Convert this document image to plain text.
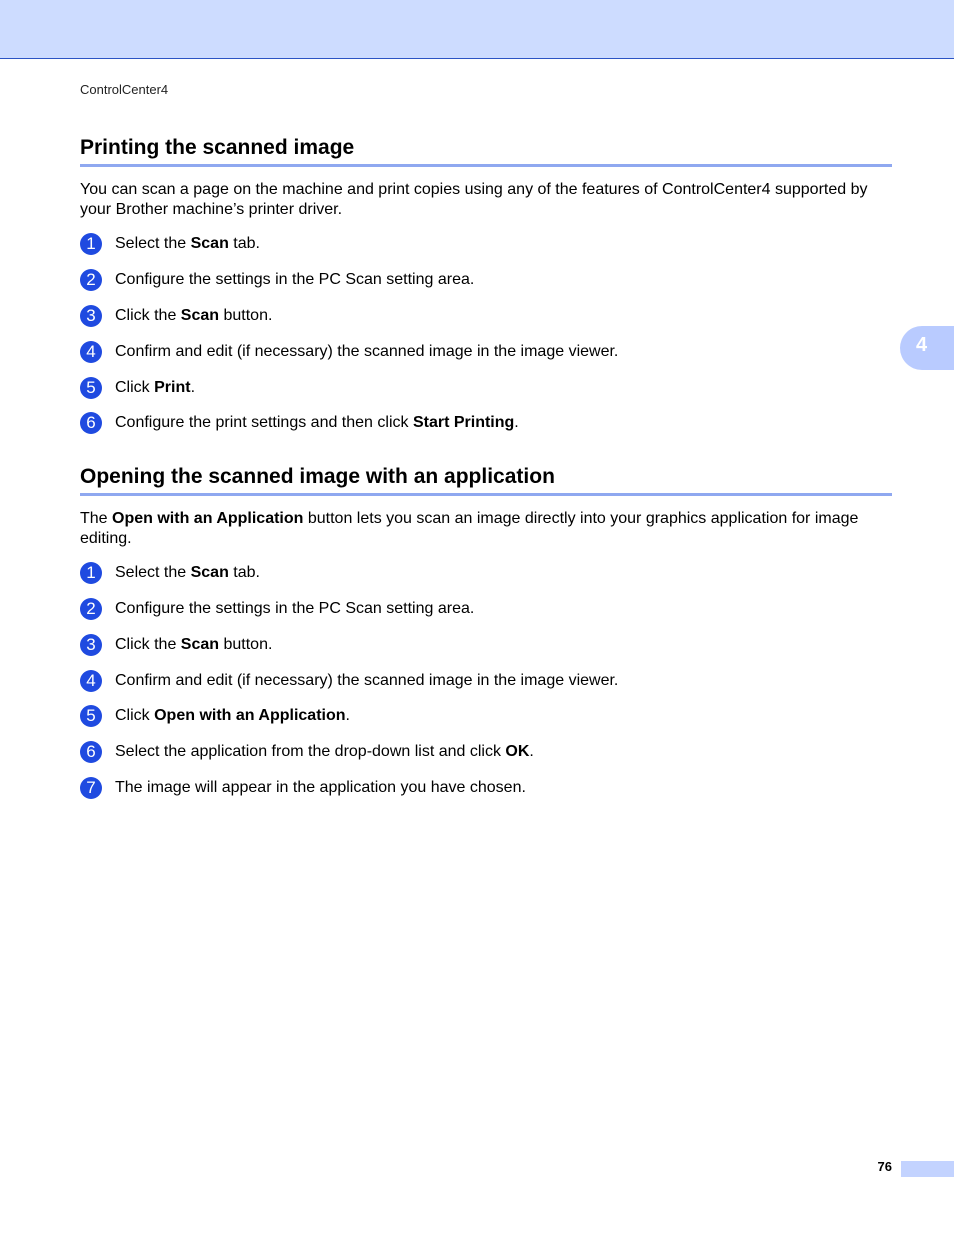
ControlCenter4
4
Printing the scanned image

You can scan a page on the machine and print copies using any of the features of ControlCenter4 supported by your Brother machine’s printer driver.

1	Select the Scan tab.
2	Configure the settings in the PC Scan setting area.
3	Click the Scan button.
4	Confirm and edit (if necessary) the scanned image in the image viewer.
5	Click Print.
6	Configure the print settings and then click Start Printing.
Opening the scanned image with an application

The Open with an Application button lets you scan an image directly into your graphics application for image editing.

1	Select the Scan tab.
2	Configure the settings in the PC Scan setting area.
3	Click the Scan button.
4	Confirm and edit (if necessary) the scanned image in the image viewer.
5	Click Open with an Application.
6	Select the application from the drop-down list and click OK.
7	The image will appear in the application you have chosen.
76
